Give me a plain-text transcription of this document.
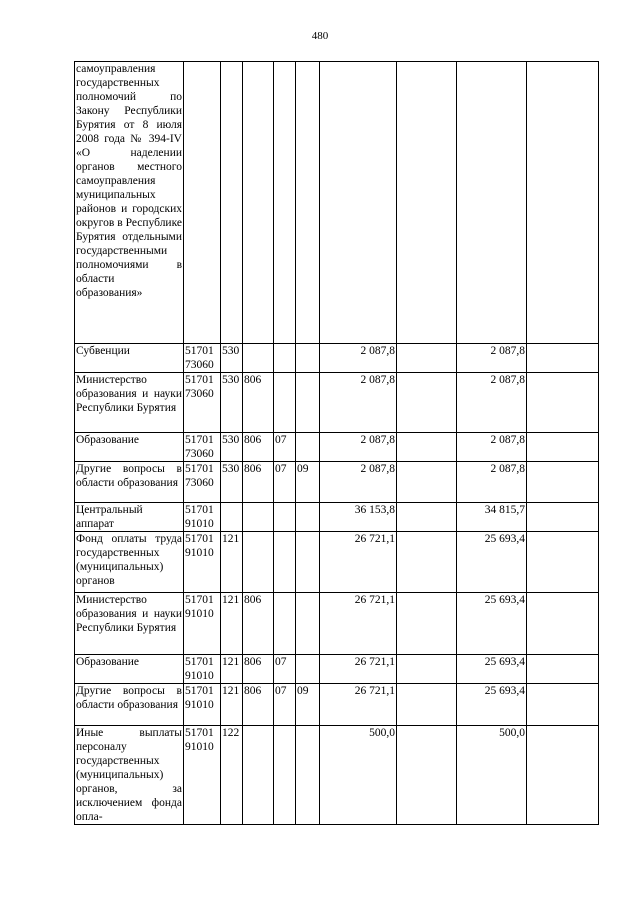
480
самоуправления государственных полномочий по Закону Республики Бурятия от 8 июля 2008 года № 394-IV «О наделении органов местного самоуправления муниципальных районов и городских округов в Республике Бурятия отдельными государственными полномочиями в области образования»									
Субвенции	51701 73060	530				2 087,8		2 087,8	
Министерство образования и науки Республики Бурятия	51701 73060	530	806			2 087,8		2 087,8	
Образование	51701 73060	530	806	07		2 087,8		2 087,8	
Другие вопросы в области образования	51701 73060	530	806	07	09	2 087,8		2 087,8	
Центральный аппарат	51701 91010					36 153,8		34 815,7	
Фонд оплаты труда государственных (муниципальных) органов	51701 91010	121				26 721,1		25 693,4	
Министерство образования и науки Республики Бурятия	51701 91010	121	806			26 721,1		25 693,4	
Образование	51701 91010	121	806	07		26 721,1		25 693,4	
Другие вопросы в области образования	51701 91010	121	806	07	09	26 721,1		25 693,4	
Иные выплаты персоналу государственных (муниципальных) органов, за исключением фонда опла-	51701 91010	122				500,0		500,0	
